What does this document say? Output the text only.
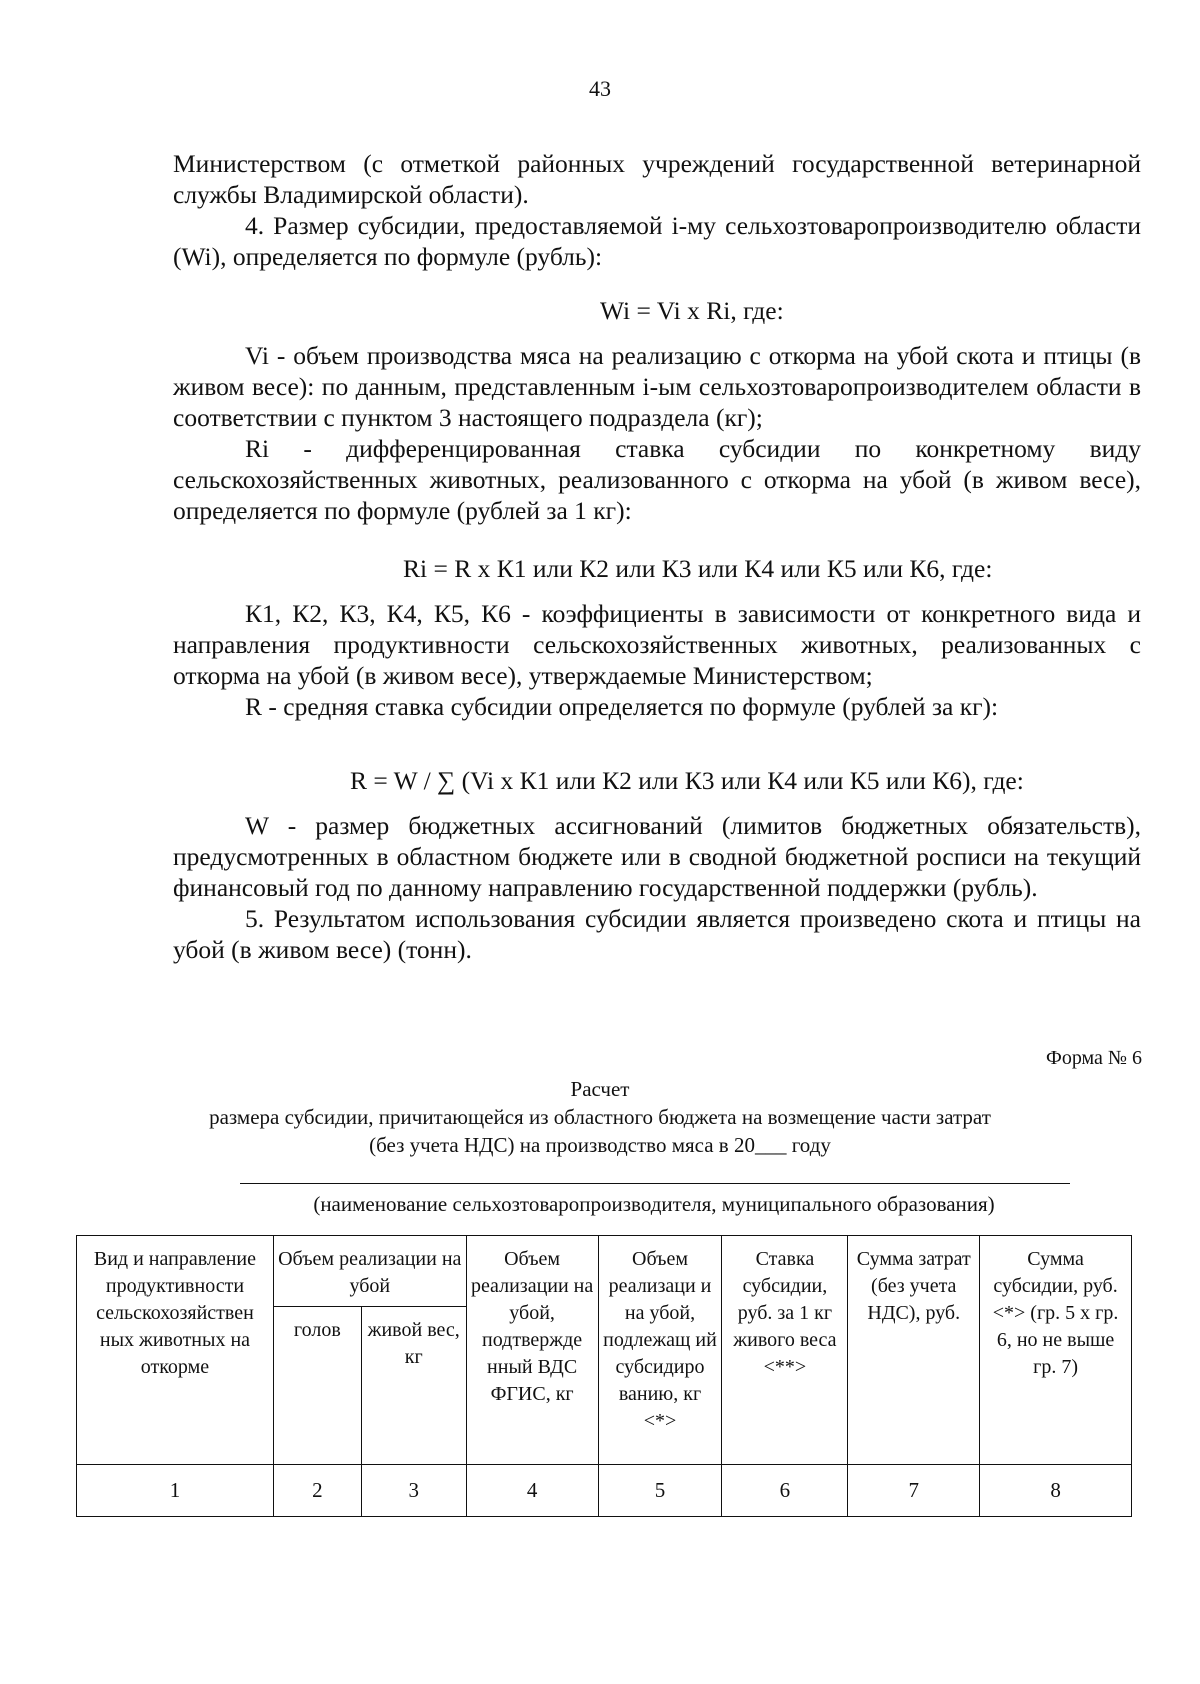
43

Министерством (с отметкой районных учреждений государственной ветеринарной службы Владимирской области).

4. Размер субсидии, предоставляемой i-му сельхозтоваропроизводителю области (Wi), определяется по формуле (рубль):

Wi = Vi х Ri, где:

Vi - объем производства мяса на реализацию с откорма на убой скота и птицы (в живом весе): по данным, представленным i-ым сельхозтоваропроизводителем области в соответствии с пунктом 3 настоящего подраздела (кг);

Ri - дифференцированная ставка субсидии по конкретному виду сельскохозяйственных животных, реализованного с откорма на убой (в живом весе), определяется по формуле (рублей за 1 кг):

Ri = R х К1 или К2 или К3 или К4 или К5 или К6, где:

К1, К2, К3, К4, К5, К6 - коэффициенты в зависимости от конкретного вида и направления продуктивности сельскохозяйственных животных, реализованных с откорма на убой (в живом весе), утверждаемые Министерством;

R - средняя ставка субсидии определяется по формуле (рублей за кг):

R = W / ∑ (Vi х К1 или К2 или К3 или К4 или К5 или К6), где:

W - размер бюджетных ассигнований (лимитов бюджетных обязательств), предусмотренных в областном бюджете или в сводной бюджетной росписи на текущий финансовый год по данному направлению государственной поддержки (рубль).

5. Результатом использования субсидии является произведено скота и птицы на убой (в живом весе) (тонн).

Форма № 6
Расчет
размера субсидии, причитающейся из областного бюджета на возмещение части затрат
(без учета НДС) на производство мяса в 20___ году
(наименование сельхозтоваропроизводителя, муниципального образования)
Вид и направление продуктивности сельскохозяйствен ных животных на откорме	Объем реализации на убой		Объем реализации на убой, подтвержде нный ВДС ФГИС, кг	Объем реализаци и на убой, подлежащ ий субсидиро ванию, кг <*>	Ставка субсидии, руб. за 1 кг живого веса <**>	Сумма затрат (без учета НДС), руб.	Сумма субсидии, руб. <*> (гр. 5 х гр. 6, но не выше гр. 7)
	голов	живой вес, кг					
1	2	3	4	5	6	7	8
